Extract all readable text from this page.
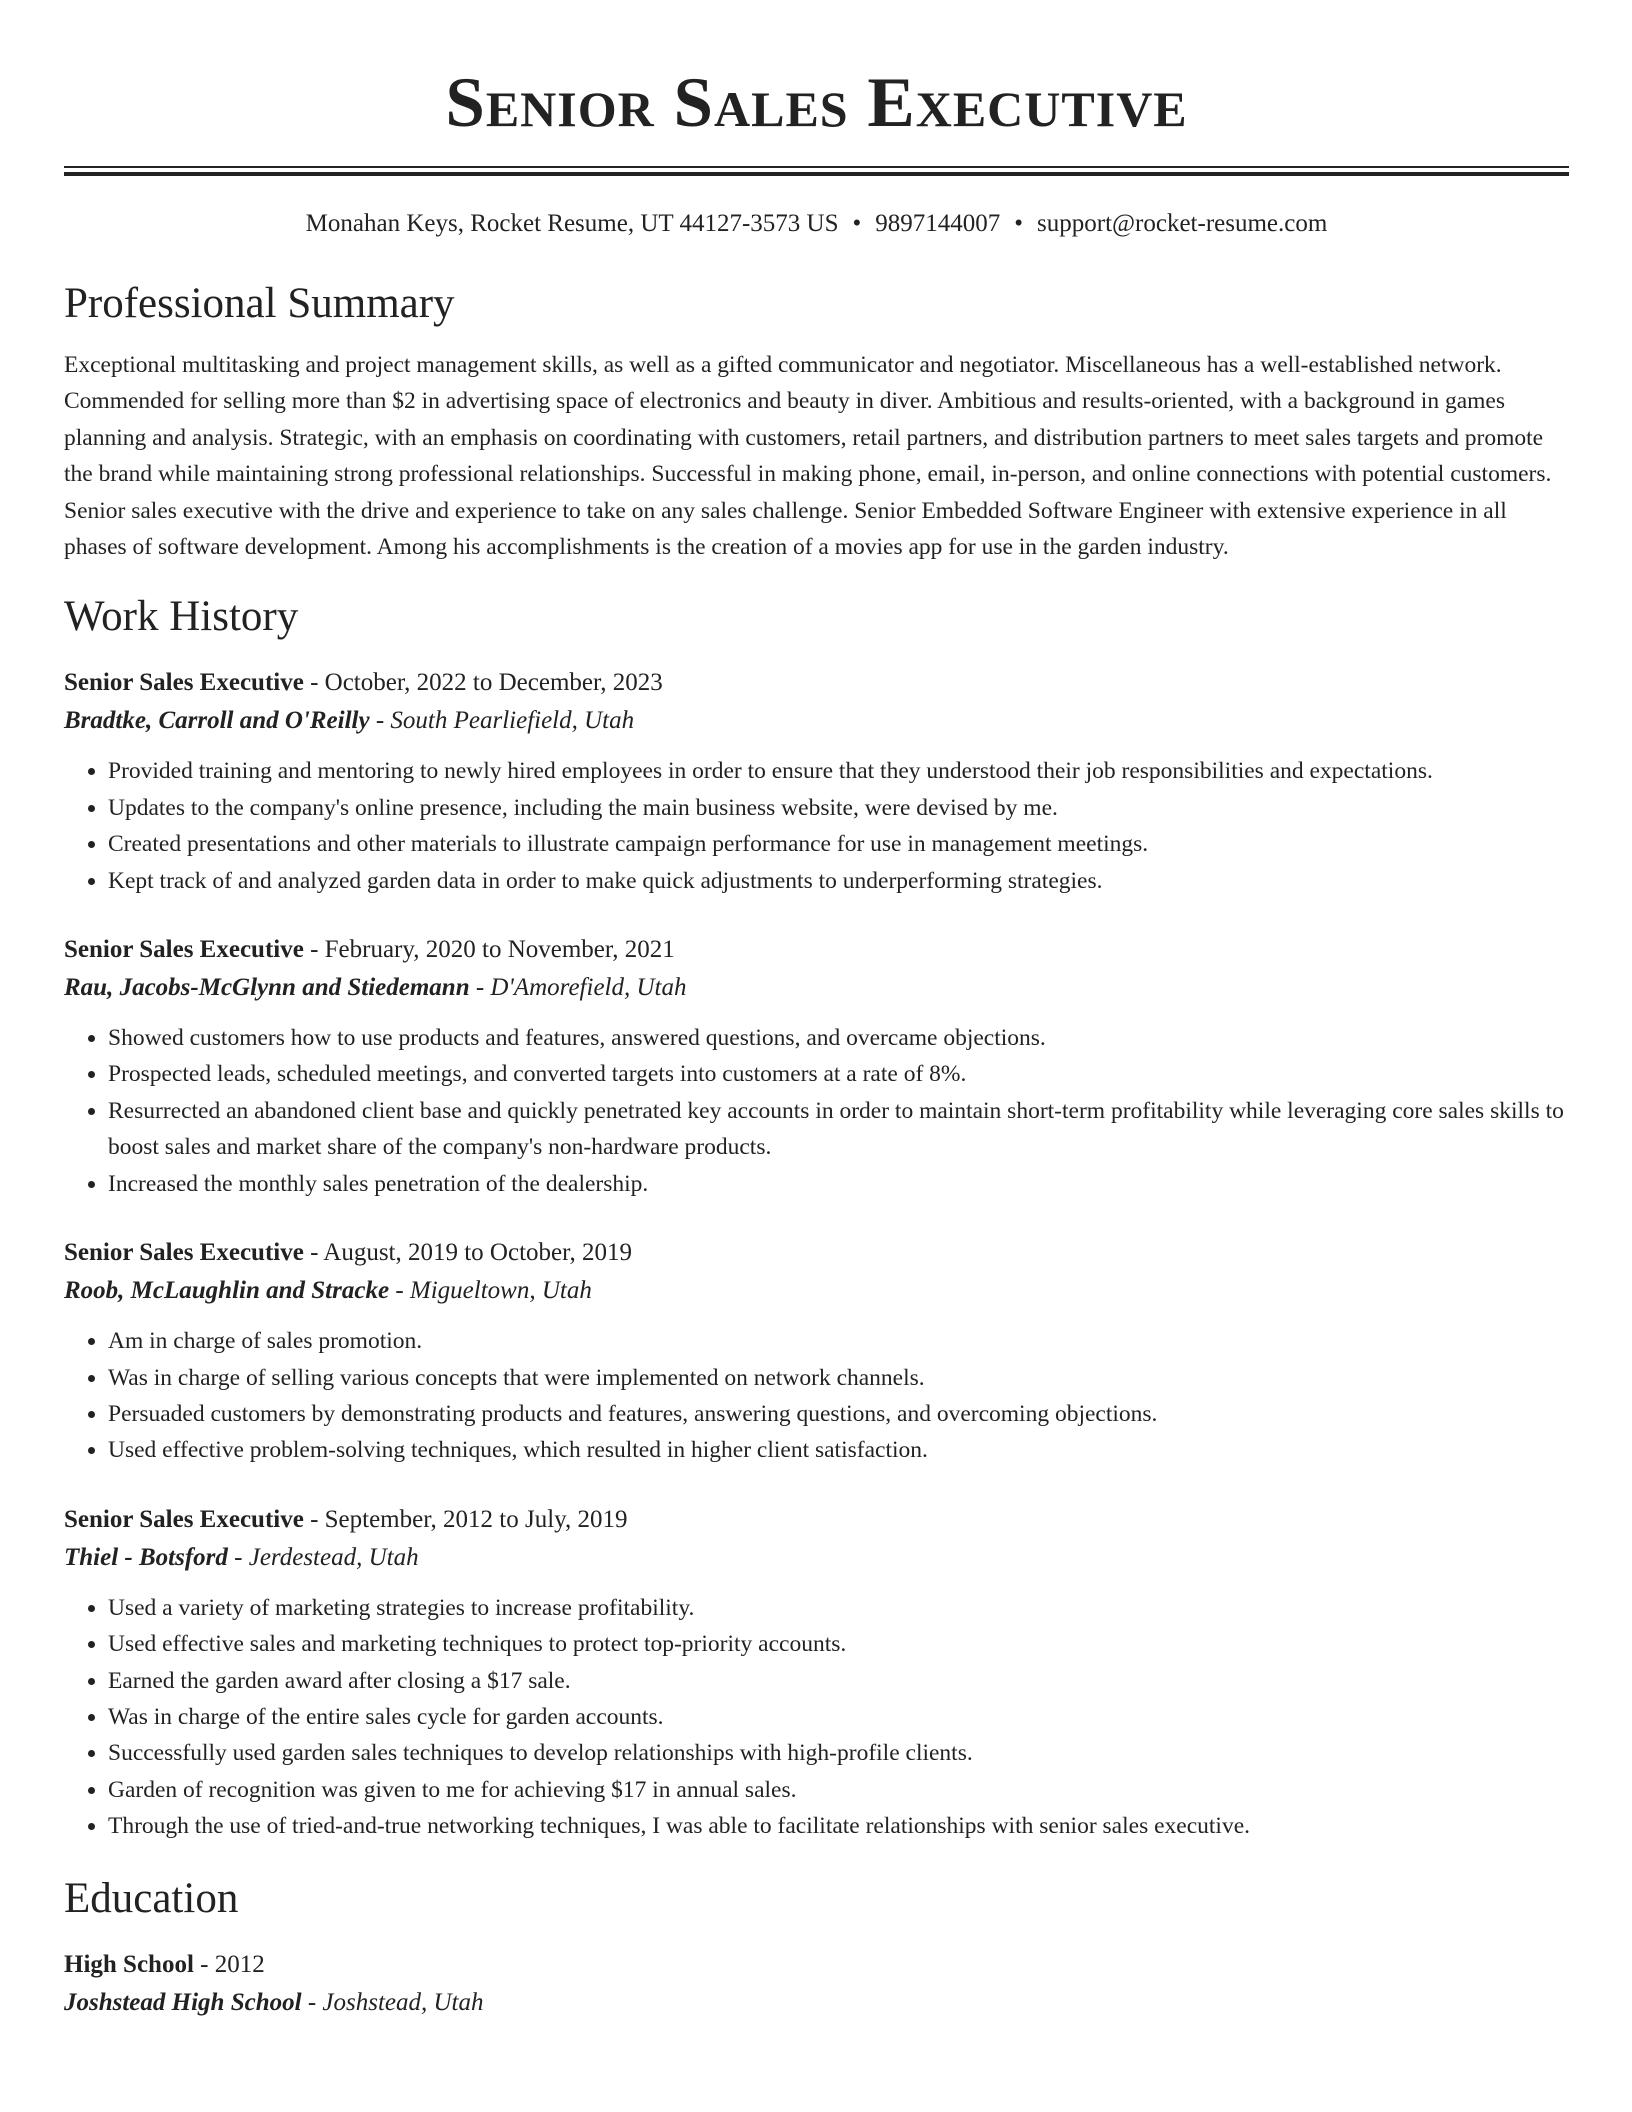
Senior Sales Executive
Monahan Keys, Rocket Resume, UT 44127-3573 US • 9897144007 • support@rocket-resume.com
Professional Summary

Exceptional multitasking and project management skills, as well as a gifted communicator and negotiator. Miscellaneous has a well-established network. Commended for selling more than $2 in advertising space of electronics and beauty in diver. Ambitious and results-oriented, with a background in games planning and analysis. Strategic, with an emphasis on coordinating with customers, retail partners, and distribution partners to meet sales targets and promote the brand while maintaining strong professional relationships. Successful in making phone, email, in-person, and online connections with potential customers. Senior sales executive with the drive and experience to take on any sales challenge. Senior Embedded Software Engineer with extensive experience in all phases of software development. Among his accomplishments is the creation of a movies app for use in the garden industry.

Work History
Senior Sales Executive - October, 2022 to December, 2023
Bradtke, Carroll and O'Reilly - South Pearliefield, Utah
• Provided training and mentoring to newly hired employees in order to ensure that they understood their job responsibilities and expectations.
• Updates to the company's online presence, including the main business website, were devised by me.
• Created presentations and other materials to illustrate campaign performance for use in management meetings.
• Kept track of and analyzed garden data in order to make quick adjustments to underperforming strategies.
Senior Sales Executive - February, 2020 to November, 2021
Rau, Jacobs-McGlynn and Stiedemann - D'Amorefield, Utah
• Showed customers how to use products and features, answered questions, and overcame objections.
• Prospected leads, scheduled meetings, and converted targets into customers at a rate of 8%.
• Resurrected an abandoned client base and quickly penetrated key accounts in order to maintain short-term profitability while leveraging core sales skills to boost sales and market share of the company's non-hardware products.
• Increased the monthly sales penetration of the dealership.
Senior Sales Executive - August, 2019 to October, 2019
Roob, McLaughlin and Stracke - Migueltown, Utah
• Am in charge of sales promotion.
• Was in charge of selling various concepts that were implemented on network channels.
• Persuaded customers by demonstrating products and features, answering questions, and overcoming objections.
• Used effective problem-solving techniques, which resulted in higher client satisfaction.
Senior Sales Executive - September, 2012 to July, 2019
Thiel - Botsford - Jerdestead, Utah
• Used a variety of marketing strategies to increase profitability.
• Used effective sales and marketing techniques to protect top-priority accounts.
• Earned the garden award after closing a $17 sale.
• Was in charge of the entire sales cycle for garden accounts.
• Successfully used garden sales techniques to develop relationships with high-profile clients.
• Garden of recognition was given to me for achieving $17 in annual sales.
• Through the use of tried-and-true networking techniques, I was able to facilitate relationships with senior sales executive.
Education
High School - 2012
Joshstead High School - Joshstead, Utah
